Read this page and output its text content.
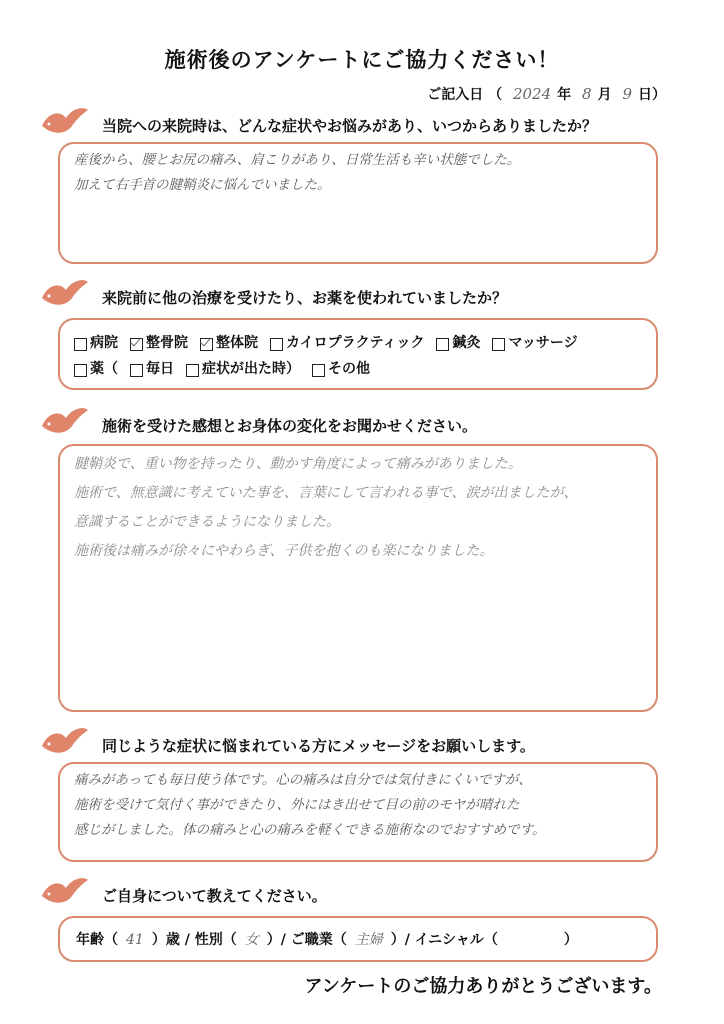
施術後のアンケートにご協力ください！
ご記入日 （ 2024 年 8 月 9 日）
当院への来院時は、どんな症状やお悩みがあり、いつからありましたか？
産後から、腰とお尻の痛み、肩こりがあり、日常生活も辛い状態でした。
加えて右手首の腱鞘炎に悩んでいました。
来院前に他の治療を受けたり、お薬を使われていましたか？
病院 整骨院 整体院 カイロプラクティック 鍼灸 マッサージ
薬（ 毎日 症状が出た時） その他
施術を受けた感想とお身体の変化をお聞かせください。
腱鞘炎で、重い物を持ったり、動かす角度によって痛みがありました。
施術で、無意識に考えていた事を、言葉にして言われる事で、涙が出ましたが、
意識することができるようになりました。
施術後は痛みが徐々にやわらぎ、子供を抱くのも楽になりました。
同じような症状に悩まれている方にメッセージをお願いします。
痛みがあっても毎日使う体です。心の痛みは自分では気付きにくいですが、
施術を受けて気付く事ができたり、外にはき出せて目の前のモヤが晴れた
感じがしました。体の痛みと心の痛みを軽くできる施術なのでおすすめです。
ご自身について教えてください。
年齢（ 41 ）歳 / 性別（ 女 ）/ ご職業（ 主婦 ）/ イニシャル（	）
アンケートのご協力ありがとうございます。
